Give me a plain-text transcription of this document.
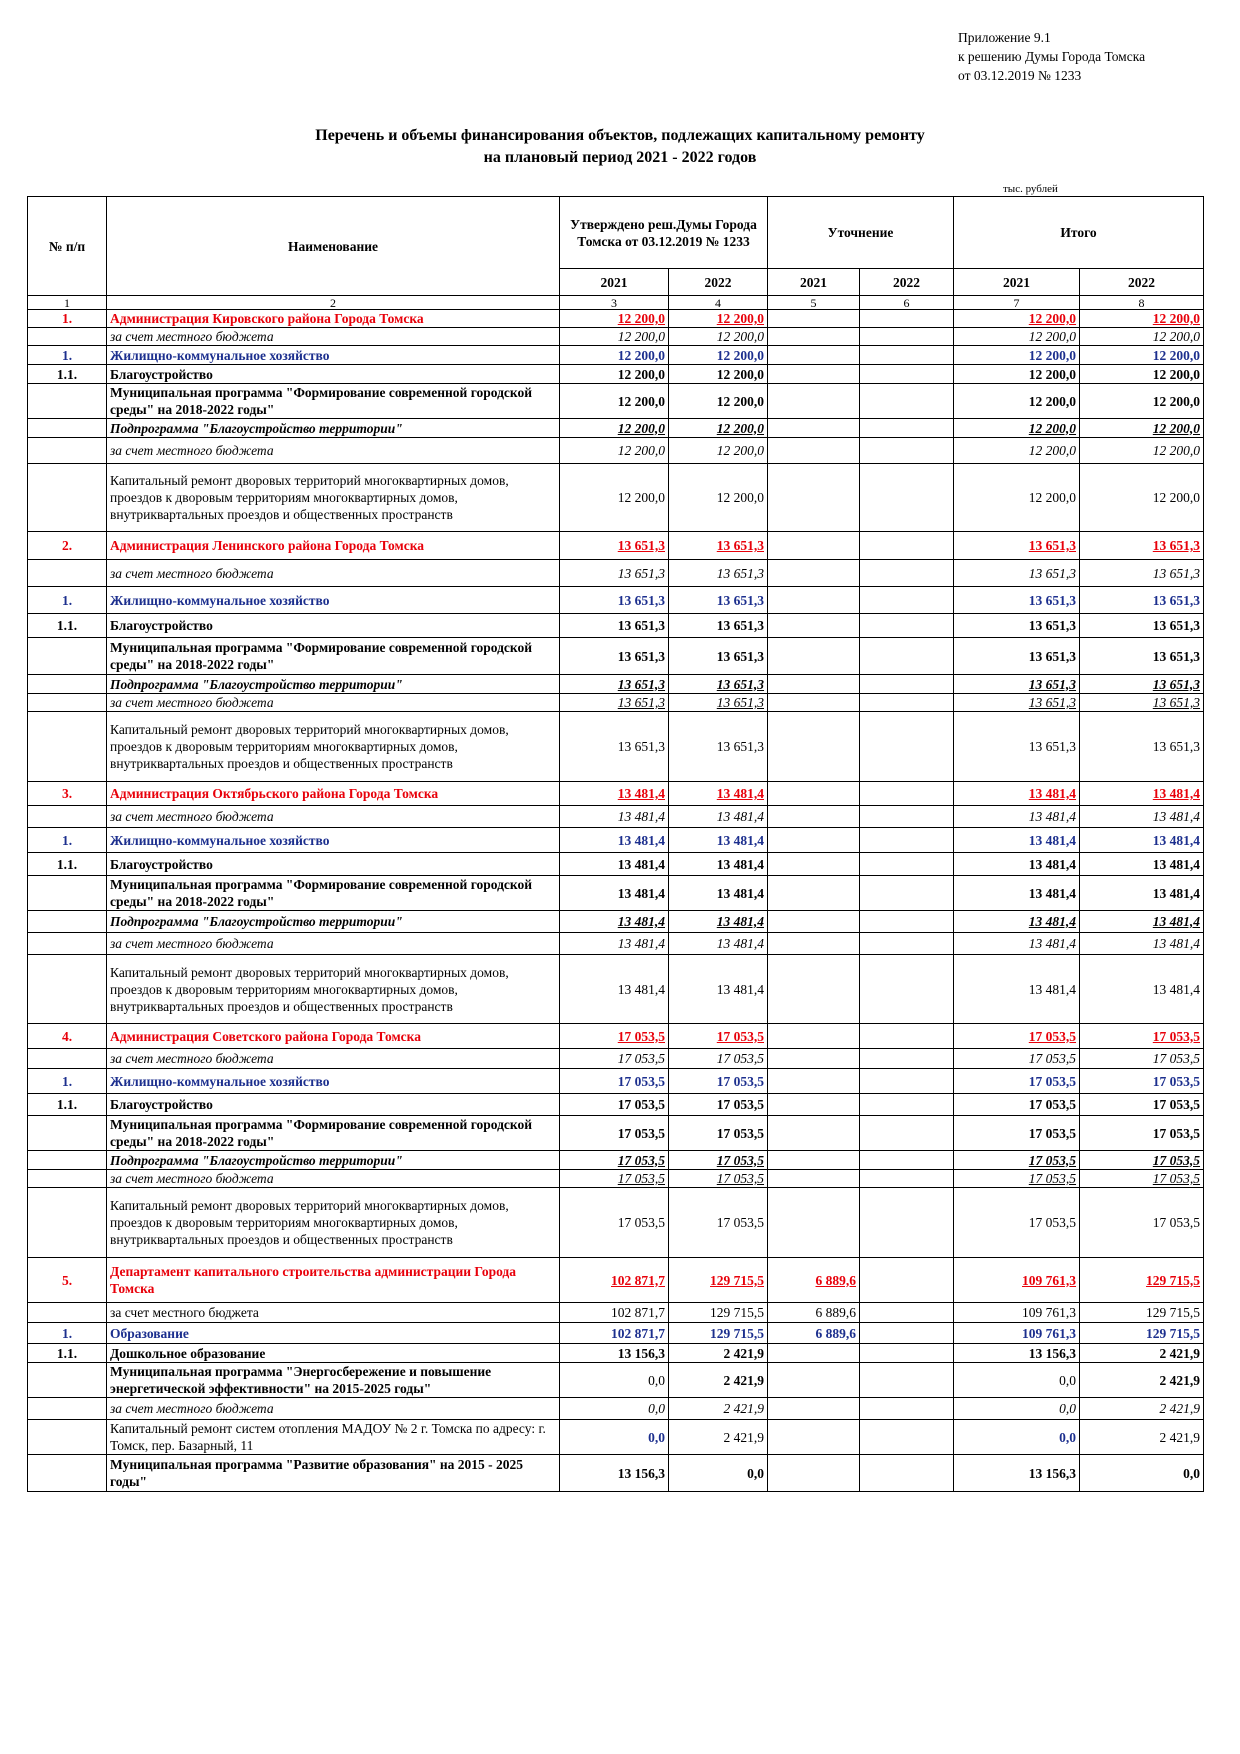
Приложение 9.1
к решению Думы Города Томска
от 03.12.2019 № 1233
Перечень и объемы финансирования объектов, подлежащих капитальному ремонту
на плановый период 2021 - 2022 годов
тыс. рублей
№ п/п	Наименование	Утверждено реш.Думы Города Томска от 03.12.2019 № 1233		Уточнение		Итого	
		2021	2022	2021	2022	2021	2022
1	2	3	4	5	6	7	8
1.	Администрация Кировского района Города Томска	12 200,0	12 200,0			12 200,0	12 200,0
	за счет местного бюджета	12 200,0	12 200,0			12 200,0	12 200,0
1.	Жилищно-коммунальное хозяйство	12 200,0	12 200,0			12 200,0	12 200,0
1.1.	Благоустройство	12 200,0	12 200,0			12 200,0	12 200,0
	Муниципальная программа "Формирование современной городской среды" на 2018-2022 годы"	12 200,0	12 200,0			12 200,0	12 200,0
	Подпрограмма "Благоустройство территории"	12 200,0	12 200,0			12 200,0	12 200,0
	за счет местного бюджета	12 200,0	12 200,0			12 200,0	12 200,0
	Капитальный ремонт дворовых территорий многоквартирных домов, проездов к дворовым территориям многоквартирных домов, внутриквартальных проездов и общественных пространств	12 200,0	12 200,0			12 200,0	12 200,0
2.	Администрация Ленинского района Города Томска	13 651,3	13 651,3			13 651,3	13 651,3
	за счет местного бюджета	13 651,3	13 651,3			13 651,3	13 651,3
1.	Жилищно-коммунальное хозяйство	13 651,3	13 651,3			13 651,3	13 651,3
1.1.	Благоустройство	13 651,3	13 651,3			13 651,3	13 651,3
	Муниципальная программа "Формирование современной городской среды" на 2018-2022 годы"	13 651,3	13 651,3			13 651,3	13 651,3
	Подпрограмма "Благоустройство территории"	13 651,3	13 651,3			13 651,3	13 651,3
	за счет местного бюджета	13 651,3	13 651,3			13 651,3	13 651,3
	Капитальный ремонт дворовых территорий многоквартирных домов, проездов к дворовым территориям многоквартирных домов, внутриквартальных проездов и общественных пространств	13 651,3	13 651,3			13 651,3	13 651,3
3.	Администрация Октябрьского района Города Томска	13 481,4	13 481,4			13 481,4	13 481,4
	за счет местного бюджета	13 481,4	13 481,4			13 481,4	13 481,4
1.	Жилищно-коммунальное хозяйство	13 481,4	13 481,4			13 481,4	13 481,4
1.1.	Благоустройство	13 481,4	13 481,4			13 481,4	13 481,4
	Муниципальная программа "Формирование современной городской среды" на 2018-2022 годы"	13 481,4	13 481,4			13 481,4	13 481,4
	Подпрограмма "Благоустройство территории"	13 481,4	13 481,4			13 481,4	13 481,4
	за счет местного бюджета	13 481,4	13 481,4			13 481,4	13 481,4
	Капитальный ремонт дворовых территорий многоквартирных домов, проездов к дворовым территориям многоквартирных домов, внутриквартальных проездов и общественных пространств	13 481,4	13 481,4			13 481,4	13 481,4
4.	Администрация Советского района Города Томска	17 053,5	17 053,5			17 053,5	17 053,5
	за счет местного бюджета	17 053,5	17 053,5			17 053,5	17 053,5
1.	Жилищно-коммунальное хозяйство	17 053,5	17 053,5			17 053,5	17 053,5
1.1.	Благоустройство	17 053,5	17 053,5			17 053,5	17 053,5
	Муниципальная программа "Формирование современной городской среды" на 2018-2022 годы"	17 053,5	17 053,5			17 053,5	17 053,5
	Подпрограмма "Благоустройство территории"	17 053,5	17 053,5			17 053,5	17 053,5
	за счет местного бюджета	17 053,5	17 053,5			17 053,5	17 053,5
	Капитальный ремонт дворовых территорий многоквартирных домов, проездов к дворовым территориям многоквартирных домов, внутриквартальных проездов и общественных пространств	17 053,5	17 053,5			17 053,5	17 053,5
5.	Департамент капитального строительства администрации Города Томска	102 871,7	129 715,5	6 889,6		109 761,3	129 715,5
	за счет местного бюджета	102 871,7	129 715,5	6 889,6		109 761,3	129 715,5
1.	Образование	102 871,7	129 715,5	6 889,6		109 761,3	129 715,5
1.1.	Дошкольное образование	13 156,3	2 421,9			13 156,3	2 421,9
	Муниципальная программа "Энергосбережение и повышение энергетической эффективности" на 2015-2025 годы"	0,0	2 421,9			0,0	2 421,9
	за счет местного бюджета	0,0	2 421,9			0,0	2 421,9
	Капитальный ремонт систем отопления МАДОУ № 2 г. Томска по адресу: г. Томск, пер. Базарный, 11	0,0	2 421,9			0,0	2 421,9
	Муниципальная программа "Развитие образования" на 2015 - 2025 годы"	13 156,3	0,0			13 156,3	0,0
